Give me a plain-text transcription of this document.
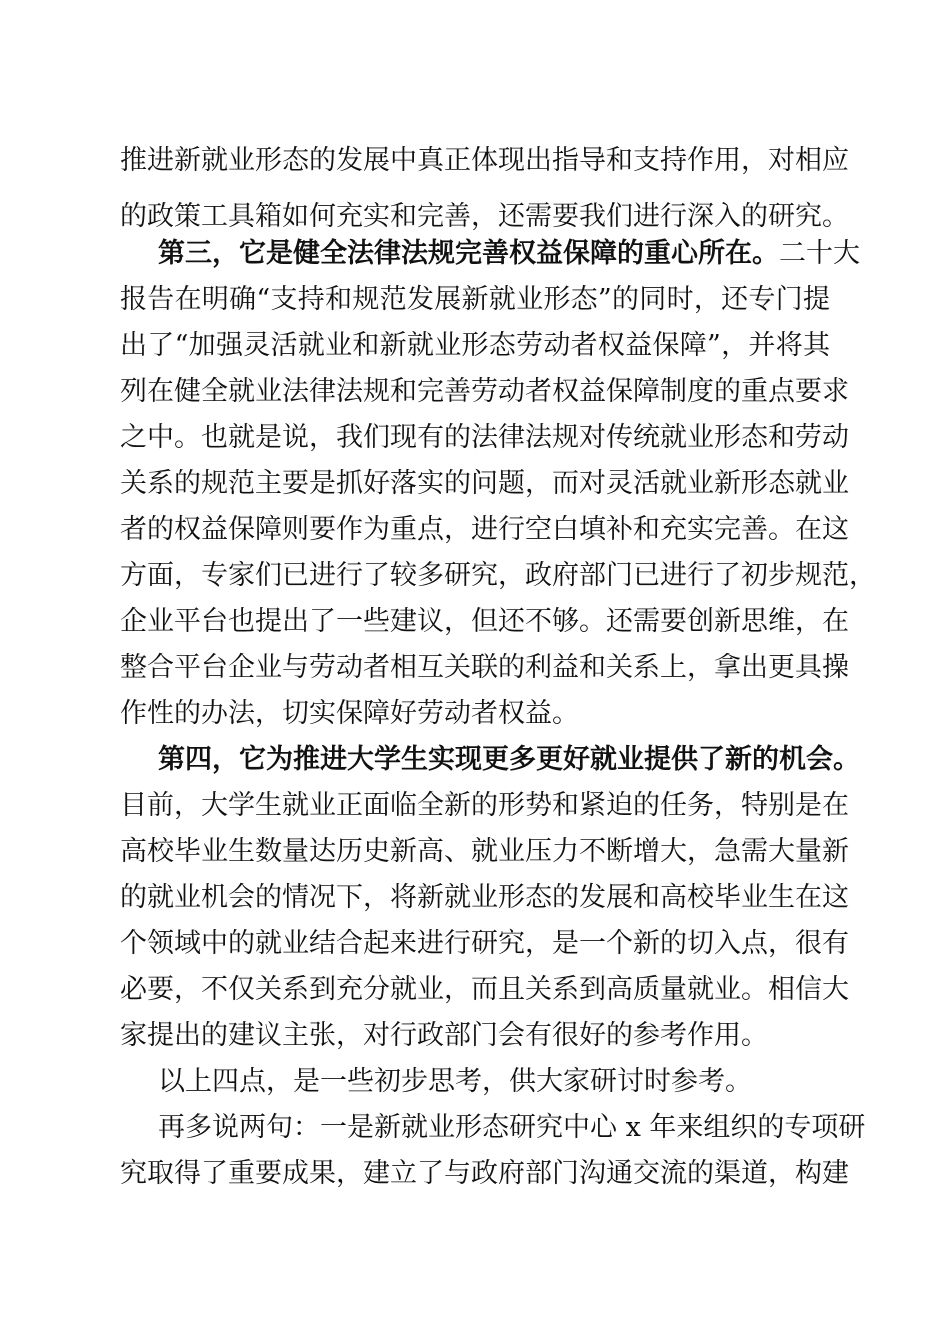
推进新就业形态的发展中真正体现出指导和支持作用，对相应
的政策工具箱如何充实和完善，还需要我们进行深入的研究。
第三，它是健全法律法规完善权益保障的重心所在。二十大
报告在明确“支持和规范发展新就业形态”的同时，还专门提
出了“加强灵活就业和新就业形态劳动者权益保障”，并将其
列在健全就业法律法规和完善劳动者权益保障制度的重点要求
之中。也就是说，我们现有的法律法规对传统就业形态和劳动
关系的规范主要是抓好落实的问题，而对灵活就业新形态就业
者的权益保障则要作为重点，进行空白填补和充实完善。在这
方面，专家们已进行了较多研究，政府部门已进行了初步规范，
企业平台也提出了一些建议，但还不够。还需要创新思维，在
整合平台企业与劳动者相互关联的利益和关系上，拿出更具操
作性的办法，切实保障好劳动者权益。
第四，它为推进大学生实现更多更好就业提供了新的机会。
目前，大学生就业正面临全新的形势和紧迫的任务，特别是在
高校毕业生数量达历史新高、就业压力不断增大，急需大量新
的就业机会的情况下，将新就业形态的发展和高校毕业生在这
个领域中的就业结合起来进行研究，是一个新的切入点，很有
必要，不仅关系到充分就业，而且关系到高质量就业。相信大
家提出的建议主张，对行政部门会有很好的参考作用。
以上四点，是一些初步思考，供大家研讨时参考。
再多说两句：一是新就业形态研究中心 x 年来组织的专项研
究取得了重要成果，建立了与政府部门沟通交流的渠道，构建
